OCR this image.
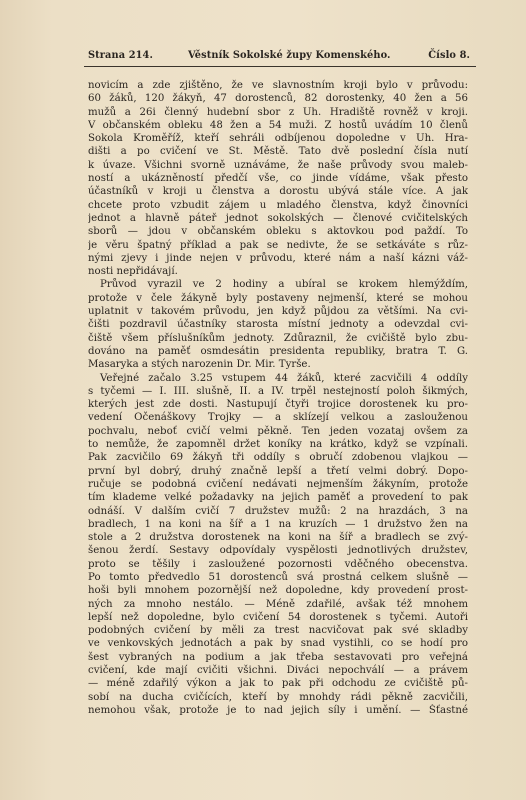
Strana 214.	Věstník Sokolské župy Komenského.	Číslo 8.
novicím a zde zjištěno, že ve slavnostním kroji bylo v průvodu:
60 žáků, 120 žákyň, 47 dorostenců, 82 dorostenky, 40 žen a 56
mužů a 26i členný hudební sbor z Uh. Hradiště rovněž v kroji.
V občanském obleku 48 žen a 54 muži. Z hostů uvádím 10 členů
Sokola Kroměříž, kteří sehráli odbíjenou dopoledne v Uh. Hra-
dišti a po cvičení ve St. Městě. Tato dvě poslední čísla nutí
k úvaze. Všichni svorně uznáváme, že naše průvody svou maleb-
ností a ukázněností předčí vše, co jinde vídáme, však přesto
účastníků v kroji u členstva a dorostu ubývá stále více. A jak
chcete proto vzbudit zájem u mladého členstva, když činovníci
jednot a hlavně páteř jednot sokolských — členové cvičitelských
sborů — jdou v občanském obleku s aktovkou pod paždí. To
je věru špatný příklad a pak se nedivte, že se setkáváte s růz-
nými zjevy i jinde nejen v průvodu, které nám a naší kázni váž-
nosti nepřidávají.
Průvod vyrazil ve 2 hodiny a ubíral se krokem hlemýždím,
protože v čele žákyně byly postaveny nejmenší, které se mohou
uplatnit v takovém průvodu, jen když půjdou za většími. Na cvi-
čišti pozdravil účastníky starosta místní jednoty a odevzdal cvi-
čiště všem příslušníkům jednoty. Zdůraznil, že cvičiště bylo zbu-
dováno na paměť osmdesátin presidenta republiky, bratra T. G.
Masaryka a stých narozenin Dr. Mir. Tyrše.
Veřejné začalo 3.25 vstupem 44 žáků, které zacvičili 4 oddíly
s tyčemi — I. III. slušně, II. a IV. trpěl nestejností poloh šikmých,
kterých jest zde dosti. Nastupují čtyři trojice dorostenek ku pro-
vedení Očenáškovy Trojky — a sklízejí velkou a zaslouženou
pochvalu, neboť cvičí velmi pěkně. Ten jeden vozataj ovšem za
to nemůže, že zapomněl držet koníky na krátko, když se vzpínali.
Pak zacvičilo 69 žákyň tři oddíly s obručí zdobenou vlajkou —
první byl dobrý, druhý značně lepší a třetí velmi dobrý. Dopo-
ručuje se podobná cvičení nedávati nejmenším žákyním, protože
tím klademe velké požadavky na jejich paměť a provedení to pak
odnáší. V dalším cvičí 7 družstev mužů: 2 na hrazdách, 3 na
bradlech, 1 na koni na šíř a 1 na kruzích — 1 družstvo žen na
stole a 2 družstva dorostenek na koni na šíř a bradlech se zvý-
šenou žerdí. Sestavy odpovídaly vyspělosti jednotlivých družstev,
proto se těšily i zasloužené pozornosti vděčného obecenstva.
Po tomto předvedlo 51 dorostenců svá prostná celkem slušně —
hoši byli mnohem pozornější než dopoledne, kdy provedení prost-
ných za mnoho nestálo. — Méně zdařilé, avšak též mnohem
lepší než dopoledne, bylo cvičení 54 dorostenek s tyčemi. Autoři
podobných cvičení by měli za trest nacvičovat pak své skladby
ve venkovských jednotách a pak by snad vystihli, co se hodí pro
šest vybraných na podium a jak třeba sestavovati pro veřejná
cvičení, kde mají cvičiti všichni. Diváci nepochválí — a právem
— méně zdařilý výkon a jak to pak při odchodu ze cvičiště pů-
sobí na ducha cvičících, kteří by mnohdy rádi pěkně zacvičili,
nemohou však, protože je to nad jejich síly i umění. — Šťastné
